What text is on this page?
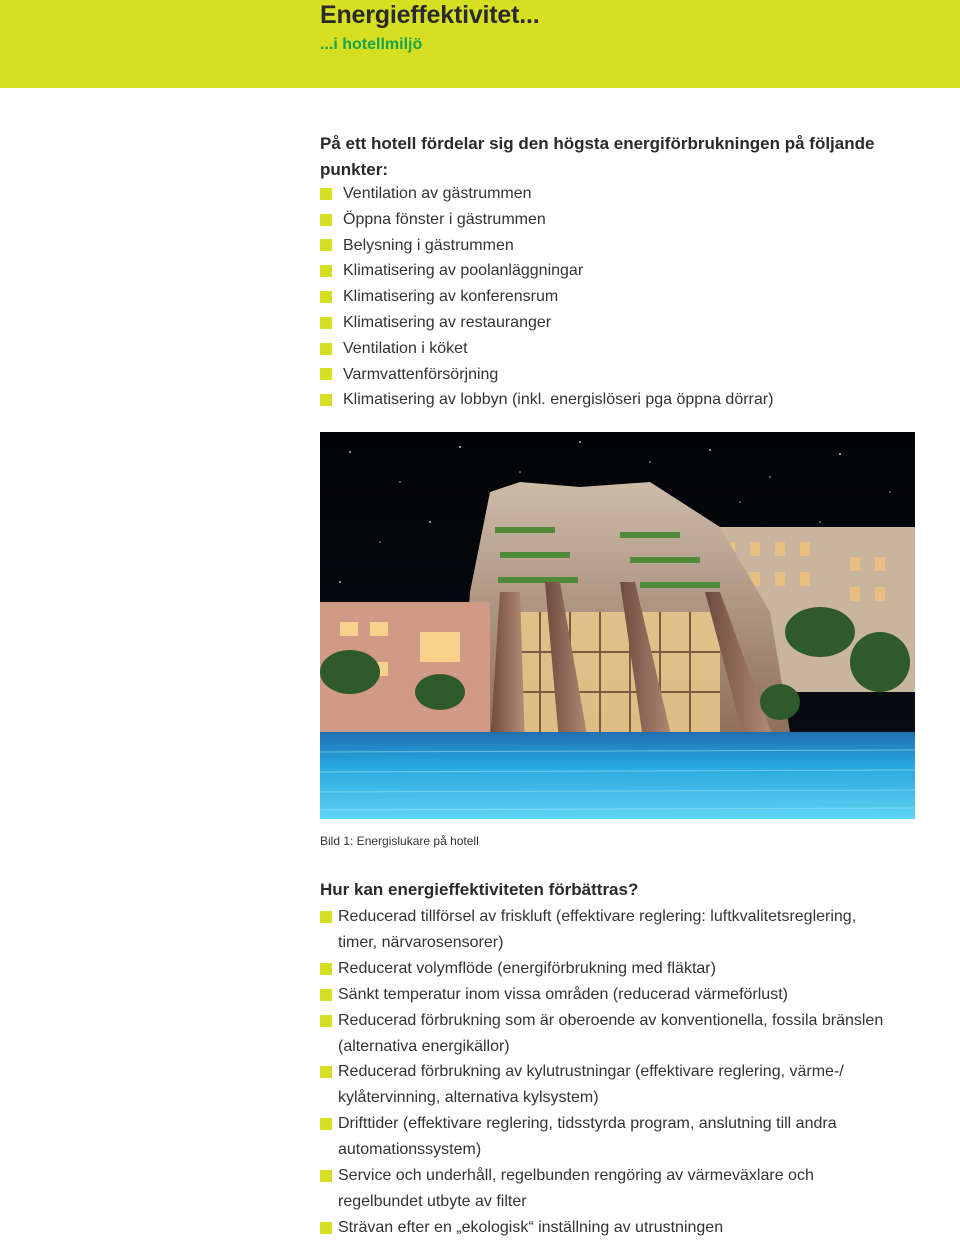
Energieffektivitet...
...i hotellmiljö
På ett hotell fördelar sig den högsta energiförbrukningen på följande punkter:
Ventilation av gästrummen
Öppna fönster i gästrummen
Belysning i gästrummen
Klimatisering av poolanläggningar
Klimatisering av konferensrum
Klimatisering av restauranger
Ventilation i köket
Varmvattenförsörjning
Klimatisering av lobbyn (inkl. energislöseri pga öppna dörrar)
Bild 1: Energislukare på hotell
Hur kan energieffektiviteten förbättras?
Reducerad tillförsel av friskluft (effektivare reglering: luftkvalitetsreglering, timer, närvarosensorer)
Reducerat volymflöde (energiförbrukning med fläktar)
Sänkt temperatur inom vissa områden (reducerad värmeförlust)
Reducerad förbrukning som är oberoende av konventionella, fossila bränslen (alternativa energikällor)
Reducerad förbrukning av kylutrustningar (effektivare reglering, värme-/ kylåtervinning, alternativa kylsystem)
Drifttider (effektivare reglering, tidsstyrda program, anslutning till andra automationssystem)
Service och underhåll, regelbunden rengöring av värmeväxlare och regelbundet utbyte av filter
Strävan efter en „ekologisk“ inställning av utrustningen
